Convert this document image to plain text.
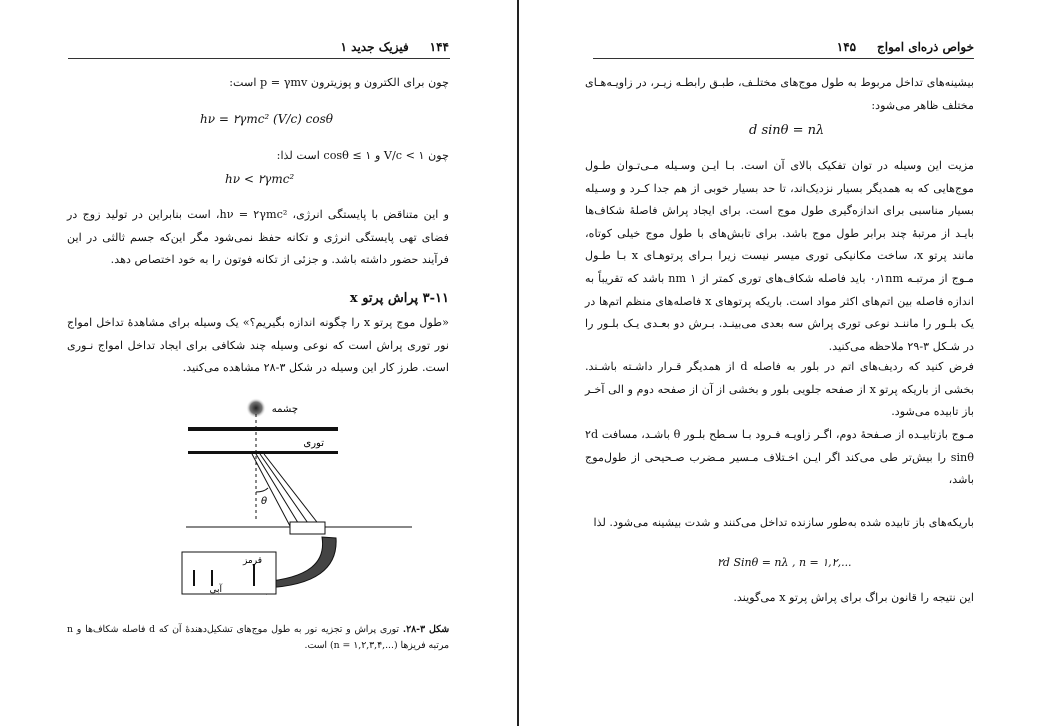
۱۴۴     فیزیک جدید ۱
چون برای الکترون و پوزیترون p = γmv است:
hν = ۲γmc² (V/c) cosθ
چون V/c < ۱ و cosθ ≤ ۱ است لذا:
hν < ۲γmc²
و این متناقض با پایستگی انرژی، hν = ۲γmc²، است بنابراین در تولید زوج در فضای تهی پایستگی انرژی و تکانه حفظ نمی‌شود مگر این‌که جسم ثالثی در این فرآیند حضور داشته باشد. و جزئی از تکانه فوتون را به خود اختصاص دهد.
۳-۱۱ پراش پرتو x
«طول موج پرتو x را چگونه اندازه بگیریم؟» یک وسیله برای مشاهدهٔ تداخل امواج نور توری پراش است که نوعی وسیله چند شکافی برای ایجاد تداخل امواج نـوری است. طرز کار این وسیله در شکل ۳-۲۸ مشاهده می‌کنید.
چشمه
توری
θ
قرمز
آبی
شکل ۳-۲۸. توری پراش و تجزیه نور به طول موج‌های تشکیل‌دهندهٔ آن که d فاصله شکاف‌ها و n مرتبه فریزها (...,n = ۱,۲,۳,۴) است.
خواص ذره‌ای امواج     ۱۴۵
بیشینه‌های تداخل مربوط به طول موج‌های مختلـف، طبـق رابطـه زیـر، در زاویـه‌هـای مختلف ظاهر می‌شود:
d sinθ = nλ
مزیت این وسیله در توان تفکیک بالای آن است. بـا ایـن وسـیله مـی‌تـوان طـول موج‌هایی که به همدیگر بسیار نزدیک‌اند، تا حد بسیار خوبی از هم جدا کـرد و وسـیله بسیار مناسبی برای اندازه‌گیری طول موج است. برای ایجاد پراش فاصلهٔ شکاف‌ها بایـد از مرتبهٔ چند برابر طول موج باشد. برای تابش‌های با طول موج خیلی کوتاه، مانند پرتو x، ساخت مکانیکی توری میسر نیست زیرا بـرای پرتوهـای x بـا طـول مـوج از مرتبـه ۰٫۱nm باید فاصله شکاف‌های توری کمتر از ۱ nm باشد که تقریباً به اندازه فاصله بین اتم‌های اکثر مواد است. باریکه پرتوهای x فاصله‌های منظم اتم‌ها در یک بلـور را ماننـد نوعی توری پراش سه بعدی می‌بینـد. بـرش دو بعـدی یـک بلـور را در شـکل ۳-۲۹ ملاحظه می‌کنید.
فرض کنید که ردیف‌های اتم در بلور به فاصله d از همدیگر قـرار داشـته باشـند. بخشی از باریکه پرتو x از صفحه جلویی بلور و بخشی از آن از صفحه دوم و الی آخـر باز تابیده می‌شود.
مـوج بازتابیـده از صـفحهٔ دوم، اگـر زاویـه فـرود بـا سـطح بلـور θ باشـد، مسافت ۲d sinθ را بیش‌تر طی می‌کند اگر ایـن اخـتلاف مـسیر مـضرب صـحیحی از طول‌موج باشد،
باریکه‌های باز تابیده شده به‌طور سازنده تداخل می‌کنند و شدت بیشینه می‌شود. لذا
۲d Sinθ = nλ , n = ۱,۲,...
این نتیجه را قانون براگ برای پراش پرتو x می‌گویند.
